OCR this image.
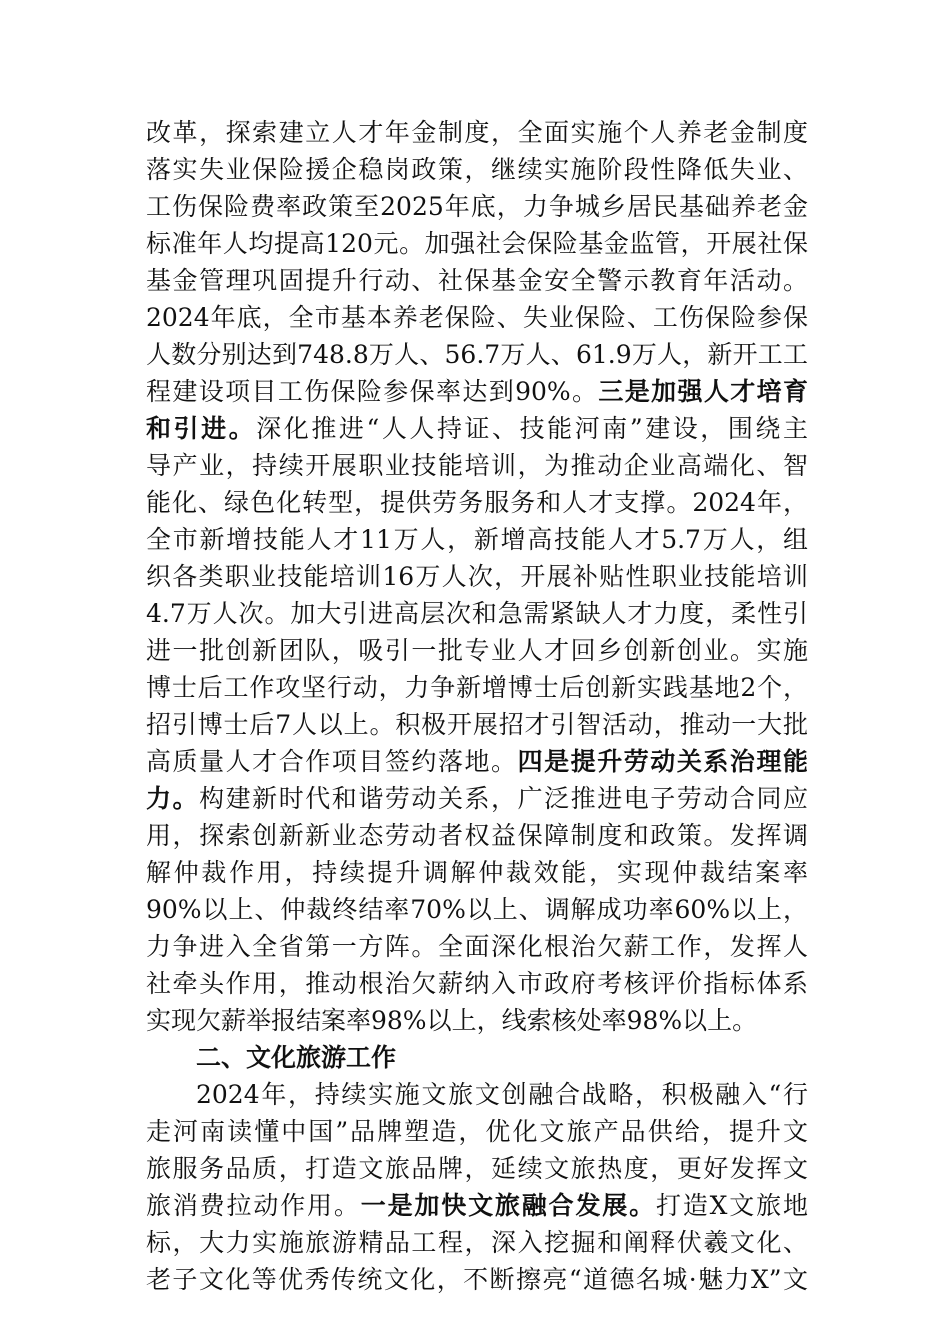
改革，探索建立人才年金制度，全面实施个人养老金制度
落实失业保险援企稳岗政策，继续实施阶段性降低失业、
工伤保险费率政策至2025年底，力争城乡居民基础养老金
标准年人均提高120元。加强社会保险基金监管，开展社保
基金管理巩固提升行动、社保基金安全警示教育年活动。
2024年底，全市基本养老保险、失业保险、工伤保险参保
人数分别达到748.8万人、56.7万人、61.9万人，新开工工
程建设项目工伤保险参保率达到90%。三是加强人才培育
和引进。深化推进“人人持证、技能河南”建设，围绕主
导产业，持续开展职业技能培训，为推动企业高端化、智
能化、绿色化转型，提供劳务服务和人才支撑。2024年，
全市新增技能人才11万人，新增高技能人才5.7万人，组
织各类职业技能培训16万人次，开展补贴性职业技能培训
4.7万人次。加大引进高层次和急需紧缺人才力度，柔性引
进一批创新团队，吸引一批专业人才回乡创新创业。实施
博士后工作攻坚行动，力争新增博士后创新实践基地2个，
招引博士后7人以上。积极开展招才引智活动，推动一大批
高质量人才合作项目签约落地。四是提升劳动关系治理能
力。构建新时代和谐劳动关系，广泛推进电子劳动合同应
用，探索创新新业态劳动者权益保障制度和政策。发挥调
解仲裁作用，持续提升调解仲裁效能，实现仲裁结案率
90%以上、仲裁终结率70%以上、调解成功率60%以上，
力争进入全省第一方阵。全面深化根治欠薪工作，发挥人
社牵头作用，推动根治欠薪纳入市政府考核评价指标体系
实现欠薪举报结案率98%以上，线索核处率98%以上。
二、文化旅游工作
2024年，持续实施文旅文创融合战略，积极融入“行
走河南读懂中国”品牌塑造，优化文旅产品供给，提升文
旅服务品质，打造文旅品牌，延续文旅热度，更好发挥文
旅消费拉动作用。一是加快文旅融合发展。打造X文旅地
标，大力实施旅游精品工程，深入挖掘和阐释伏羲文化、
老子文化等优秀传统文化，不断擦亮“道德名城·魅力X”文
